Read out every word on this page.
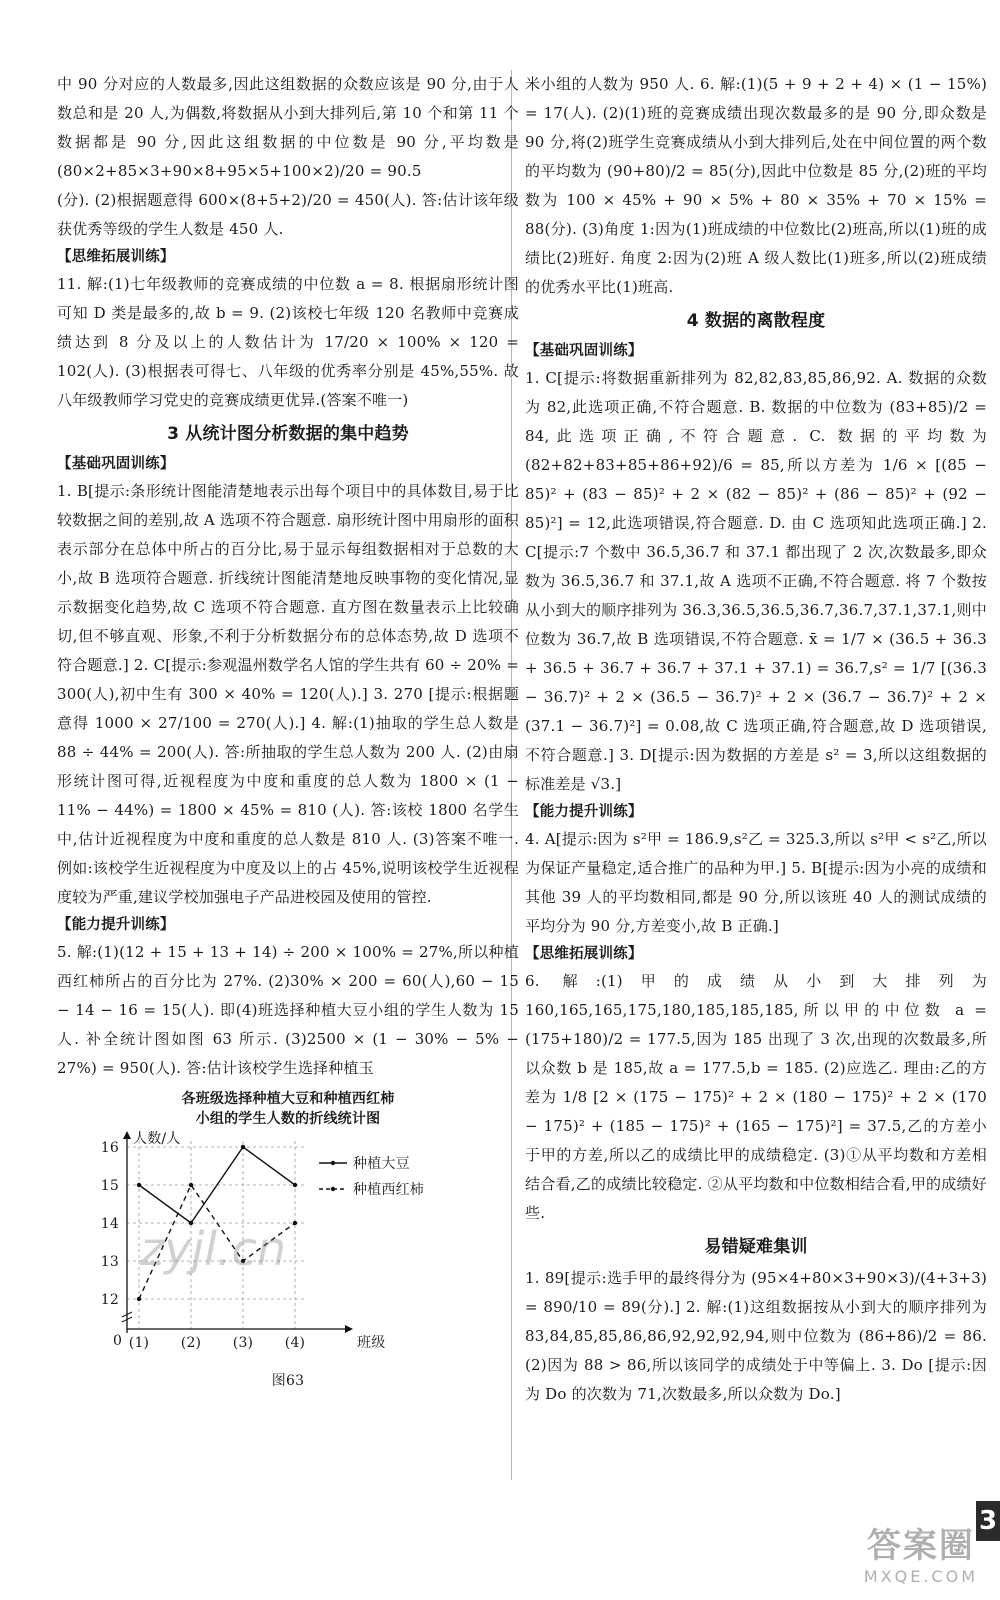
中 90 分对应的人数最多,因此这组数据的众数应该是 90 分,由于人数总和是 20 人,为偶数,将数据从小到大排列后,第 10 个和第 11 个数据都是 90 分,因此这组数据的中位数是 90 分,平均数是 (80×2+85×3+90×8+95×5+100×2)/20 = 90.5

(分). (2)根据题意得 600×(8+5+2)/20 = 450(人). 答:估计该年级获优秀等级的学生人数是 450 人.

【思维拓展训练】

11. 解:(1)七年级教师的竞赛成绩的中位数 a = 8. 根据扇形统计图可知 D 类是最多的,故 b = 9. (2)该校七年级 120 名教师中竞赛成绩达到 8 分及以上的人数估计为 17/20 × 100% × 120 = 102(人). (3)根据表可得七、八年级的优秀率分别是 45%,55%. 故八年级教师学习党史的竞赛成绩更优异.(答案不唯一)

3 从统计图分析数据的集中趋势
【基础巩固训练】

1. B[提示:条形统计图能清楚地表示出每个项目中的具体数目,易于比较数据之间的差别,故 A 选项不符合题意. 扇形统计图中用扇形的面积表示部分在总体中所占的百分比,易于显示每组数据相对于总数的大小,故 B 选项符合题意. 折线统计图能清楚地反映事物的变化情况,显示数据变化趋势,故 C 选项不符合题意. 直方图在数量表示上比较确切,但不够直观、形象,不利于分析数据分布的总体态势,故 D 选项不符合题意.] 2. C[提示:参观温州数学名人馆的学生共有 60 ÷ 20% = 300(人),初中生有 300 × 40% = 120(人).] 3. 270 [提示:根据题意得 1000 × 27/100 = 270(人).] 4. 解:(1)抽取的学生总人数是 88 ÷ 44% = 200(人). 答:所抽取的学生总人数为 200 人. (2)由扇形统计图可得,近视程度为中度和重度的总人数为 1800 × (1 − 11% − 44%) = 1800 × 45% = 810 (人). 答:该校 1800 名学生中,估计近视程度为中度和重度的总人数是 810 人. (3)答案不唯一. 例如:该校学生近视程度为中度及以上的占 45%,说明该校学生近视程度较为严重,建议学校加强电子产品进校园及使用的管控.

【能力提升训练】

5. 解:(1)(12 + 15 + 13 + 14) ÷ 200 × 100% = 27%,所以种植西红柿所占的百分比为 27%. (2)30% × 200 = 60(人),60 − 15 − 14 − 16 = 15(人). 即(4)班选择种植大豆小组的学生人数为 15 人. 补全统计图如图 63 所示. (3)2500 × (1 − 30% − 5% − 27%) = 950(人). 答:估计该校学生选择种植玉

各班级选择种植大豆和种植西红柿
小组的学生人数的折线统计图
16
15
14
13
12
(1) (2) (3) (4)
人数/人
班级
0
种植大豆
种植西红柿
图63

米小组的人数为 950 人. 6. 解:(1)(5 + 9 + 2 + 4) × (1 − 15%) = 17(人). (2)(1)班的竞赛成绩出现次数最多的是 90 分,即众数是 90 分,将(2)班学生竞赛成绩从小到大排列后,处在中间位置的两个数的平均数为 (90+80)/2 = 85(分),因此中位数是 85 分,(2)班的平均数为 100 × 45% + 90 × 5% + 80 × 35% + 70 × 15% = 88(分). (3)角度 1:因为(1)班成绩的中位数比(2)班高,所以(1)班的成绩比(2)班好. 角度 2:因为(2)班 A 级人数比(1)班多,所以(2)班成绩的优秀水平比(1)班高.

4 数据的离散程度
【基础巩固训练】

1. C[提示:将数据重新排列为 82,82,83,85,86,92. A. 数据的众数为 82,此选项正确,不符合题意. B. 数据的中位数为 (83+85)/2 = 84,此选项正确,不符合题意. C. 数据的平均数为 (82+82+83+85+86+92)/6 = 85,所以方差为 1/6 × [(85 − 85)² + (83 − 85)² + 2 × (82 − 85)² + (86 − 85)² + (92 − 85)²] = 12,此选项错误,符合题意. D. 由 C 选项知此选项正确.] 2. C[提示:7 个数中 36.5,36.7 和 37.1 都出现了 2 次,次数最多,即众数为 36.5,36.7 和 37.1,故 A 选项不正确,不符合题意. 将 7 个数按从小到大的顺序排列为 36.3,36.5,36.5,36.7,36.7,37.1,37.1,则中位数为 36.7,故 B 选项错误,不符合题意. x̄ = 1/7 × (36.5 + 36.3 + 36.5 + 36.7 + 36.7 + 37.1 + 37.1) = 36.7,s² = 1/7 [(36.3 − 36.7)² + 2 × (36.5 − 36.7)² + 2 × (36.7 − 36.7)² + 2 × (37.1 − 36.7)²] = 0.08,故 C 选项正确,符合题意,故 D 选项错误,不符合题意.] 3. D[提示:因为数据的方差是 s² = 3,所以这组数据的标准差是 √3.]

【能力提升训练】

4. A[提示:因为 s²甲 = 186.9,s²乙 = 325.3,所以 s²甲 < s²乙,所以为保证产量稳定,适合推广的品种为甲.] 5. B[提示:因为小亮的成绩和其他 39 人的平均数相同,都是 90 分,所以该班 40 人的测试成绩的平均分为 90 分,方差变小,故 B 正确.]

【思维拓展训练】

6. 解:(1)甲的成绩从小到大排列为 160,165,165,175,180,185,185,185,所以甲的中位数 a = (175+180)/2 = 177.5,因为 185 出现了 3 次,出现的次数最多,所以众数 b 是 185,故 a = 177.5,b = 185. (2)应选乙. 理由:乙的方差为 1/8 [2 × (175 − 175)² + 2 × (180 − 175)² + 2 × (170 − 175)² + (185 − 175)² + (165 − 175)²] = 37.5,乙的方差小于甲的方差,所以乙的成绩比甲的成绩稳定. (3)①从平均数和方差相结合看,乙的成绩比较稳定. ②从平均数和中位数相结合看,甲的成绩好些.

易错疑难集训

1. 89[提示:选手甲的最终得分为 (95×4+80×3+90×3)/(4+3+3) = 890/10 = 89(分).] 2. 解:(1)这组数据按从小到大的顺序排列为 83,84,85,85,86,86,92,92,92,94,则中位数为 (86+86)/2 = 86. (2)因为 88 > 86,所以该同学的成绩处于中等偏上. 3. Do [提示:因为 Do 的次数为 71,次数最多,所以众数为 Do.]

zyjl.cn
3
答案圈
MXQE.COM
